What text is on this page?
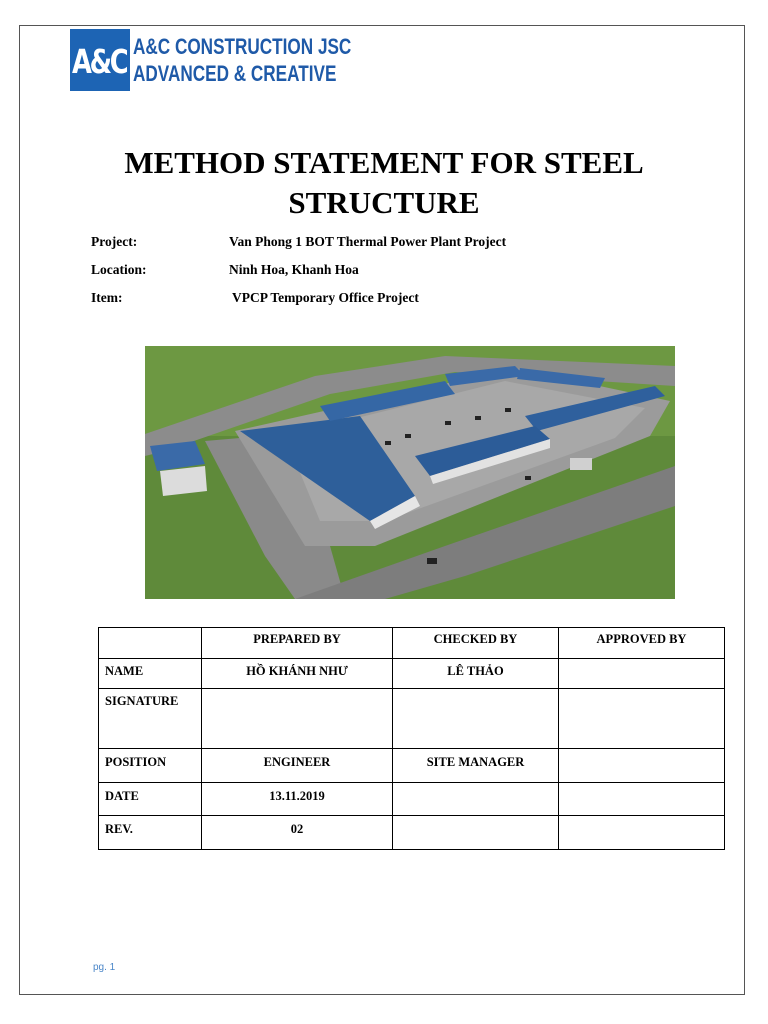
A&C A&C CONSTRUCTION JSC
ADVANCED & CREATIVE
METHOD STATEMENT FOR STEEL
STRUCTURE
Project:	Van Phong 1 BOT Thermal Power Plant Project
Location:	Ninh Hoa, Khanh Hoa
Item:	VPCP Temporary Office Project
	PREPARED BY	CHECKED BY	APPROVED BY
NAME	HỒ KHÁNH NHƯ	LÊ THẢO	
SIGNATURE			
POSITION	ENGINEER	SITE MANAGER	
DATE	13.11.2019		
REV.	02		
pg. 1
